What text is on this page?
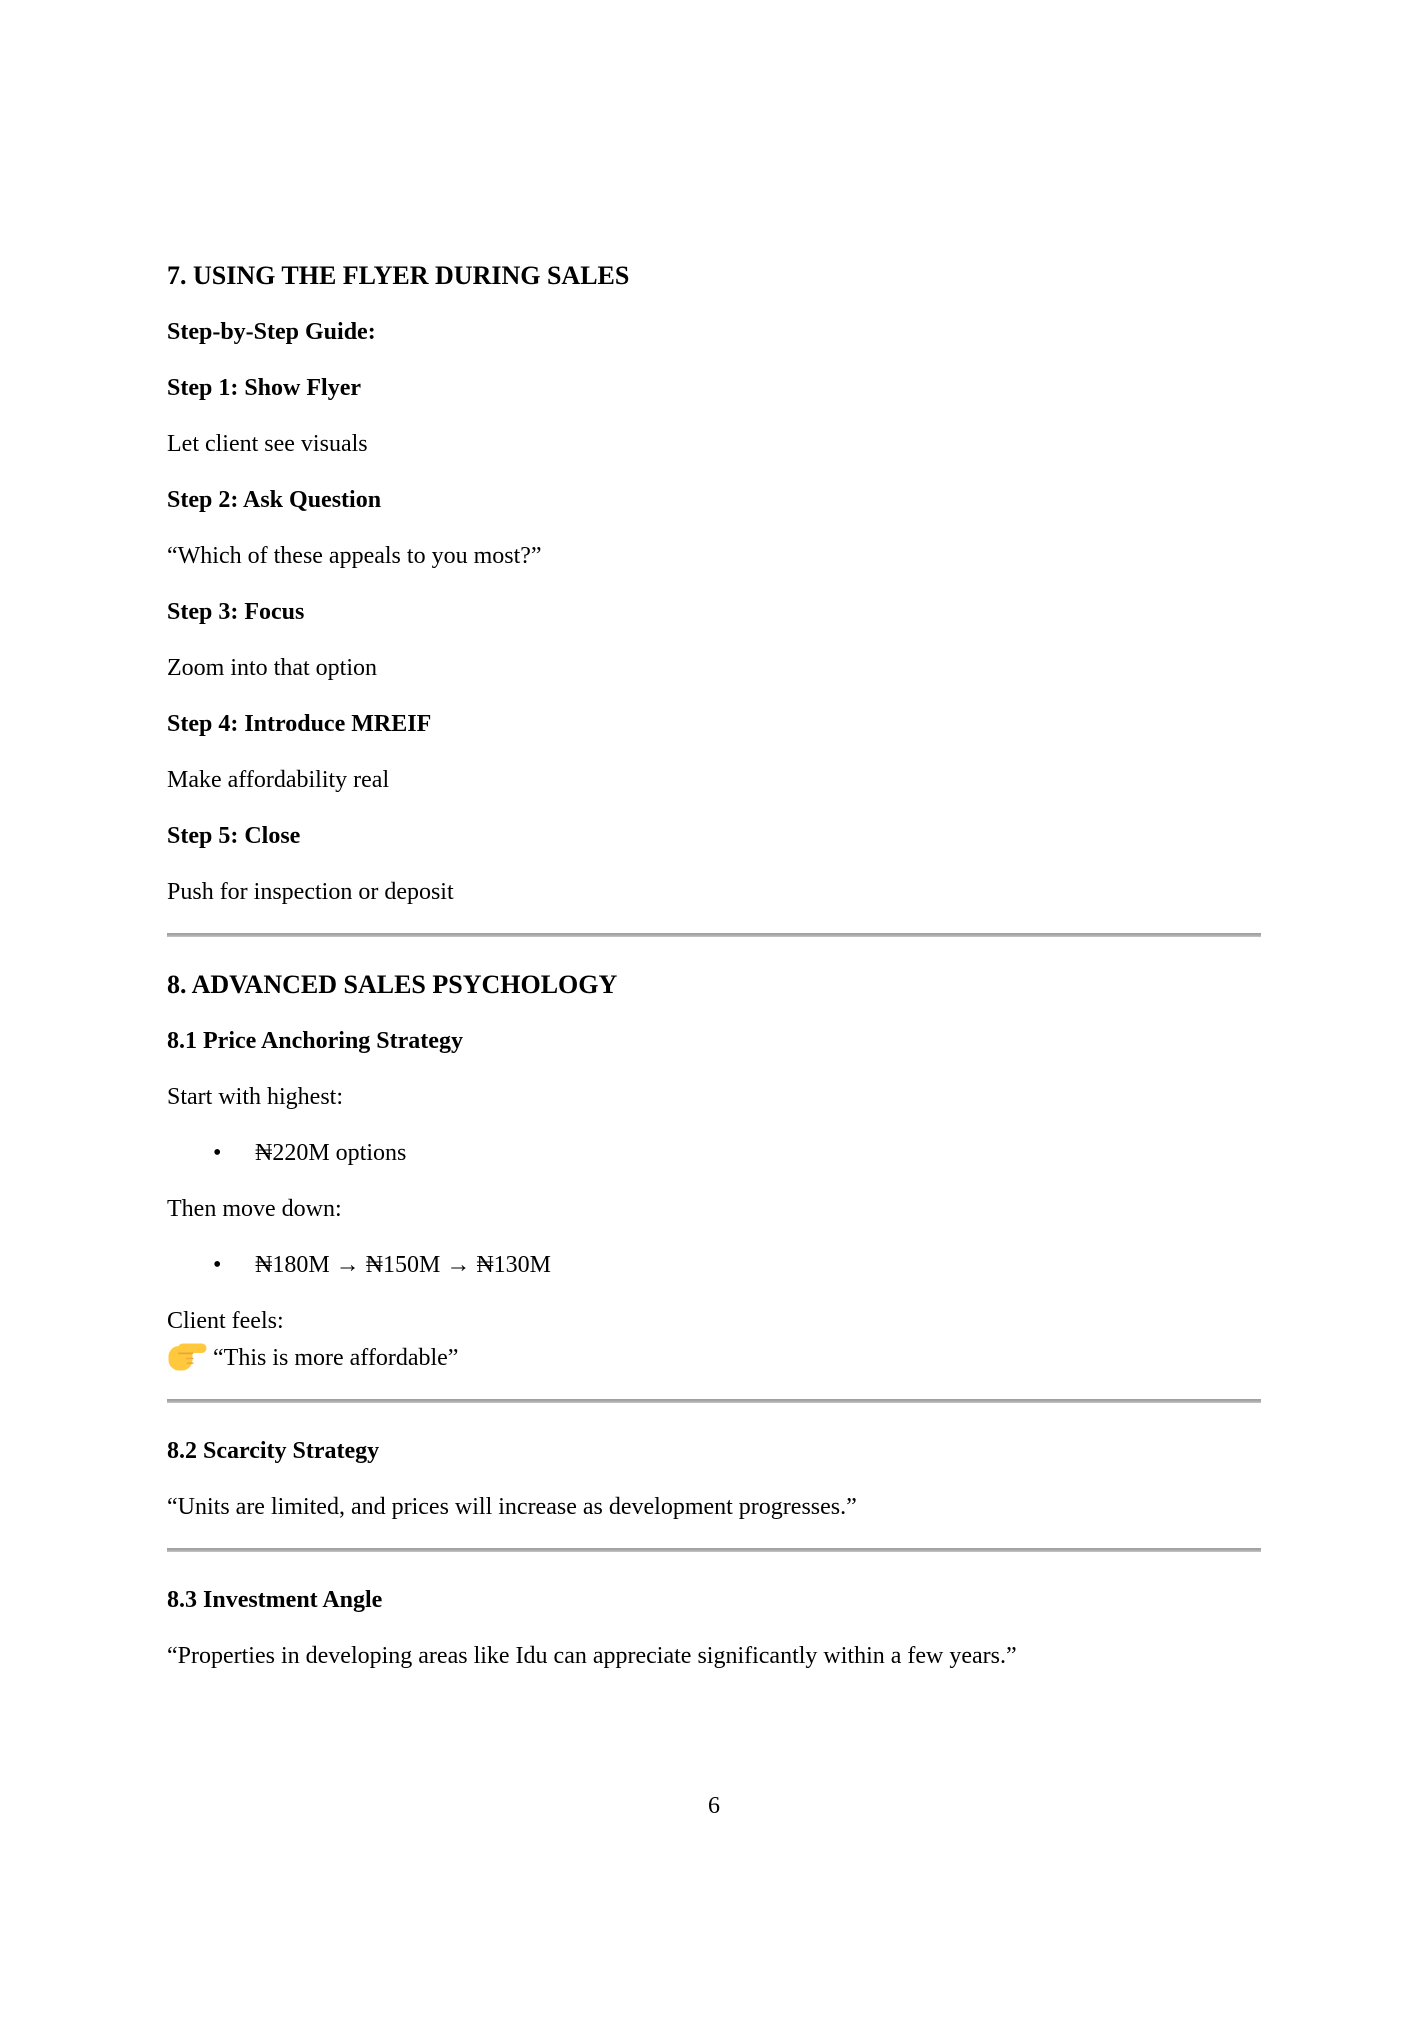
7. USING THE FLYER DURING SALES
Step-by-Step Guide:
Step 1: Show Flyer

Let client see visuals

Step 2: Ask Question

“Which of these appeals to you most?”

Step 3: Focus

Zoom into that option

Step 4: Introduce MREIF

Make affordability real

Step 5: Close

Push for inspection or deposit

8. ADVANCED SALES PSYCHOLOGY
8.1 Price Anchoring Strategy

Start with highest:

• ₦220M options

Then move down:

• ₦180M → ₦150M → ₦130M

Client feels:
“This is more affordable”

8.2 Scarcity Strategy

“Units are limited, and prices will increase as development progresses.”

8.3 Investment Angle

“Properties in developing areas like Idu can appreciate significantly within a few years.”

6
